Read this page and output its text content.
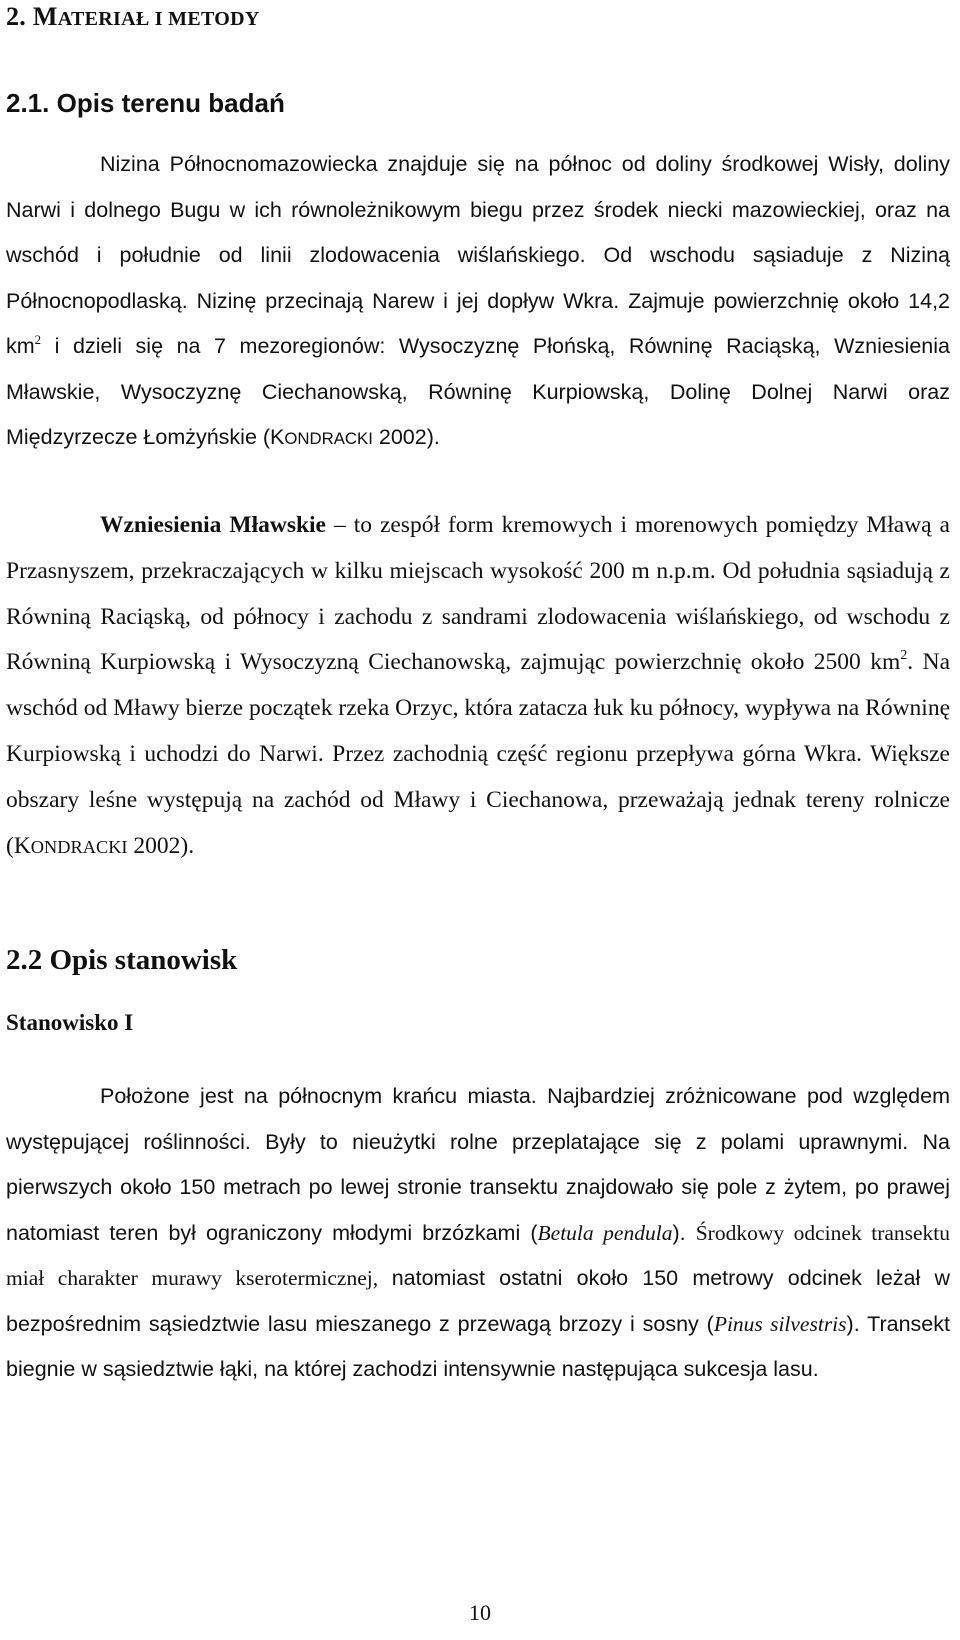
2. MATERIAŁ I METODY
2.1. Opis terenu badań

Nizina Północnomazowiecka znajduje się na północ od doliny środkowej Wisły, doliny Narwi i dolnego Bugu w ich równoleżnikowym biegu przez środek niecki mazowieckiej, oraz na wschód i południe od linii zlodowacenia wiślańskiego. Od wschodu sąsiaduje z Niziną Północnopodlaską. Nizinę przecinają Narew i jej dopływ Wkra. Zajmuje powierzchnię około 14,2 $km^2$ i dzieli się na 7 mezoregionów: Wysoczyznę Płońską, Równinę Raciąską, Wzniesienia Mławskie, Wysoczyznę Ciechanowską, Równinę Kurpiowską, Dolinę Dolnej Narwi oraz Międzyrzecze Łomżyńskie (KONDRACKI 2002).

Wzniesienia Mławskie – to zespół form kremowych i morenowych pomiędzy Mławą a Przasnyszem, przekraczających w kilku miejscach wysokość 200 m n.p.m. Od południa sąsiadują z Równiną Raciąską, od północy i zachodu z sandrami zlodowacenia wiślańskiego, od wschodu z Równiną Kurpiowską i Wysoczyzną Ciechanowską, zajmując powierzchnię około 2500 $km^2$. Na wschód od Mławy bierze początek rzeka Orzyc, która zatacza łuk ku północy, wypływa na Równinę Kurpiowską i uchodzi do Narwi. Przez zachodnią część regionu przepływa górna Wkra. Większe obszary leśne występują na zachód od Mławy i Ciechanowa, przeważają jednak tereny rolnicze (KONDRACKI 2002).

2.2 Opis stanowisk
Stanowisko I

Położone jest na północnym krańcu miasta. Najbardziej zróżnicowane pod względem występującej roślinności. Były to nieużytki rolne przeplatające się z polami uprawnymi. Na pierwszych około 150 metrach po lewej stronie transektu znajdowało się pole z żytem, po prawej natomiast teren był ograniczony młodymi brzózkami (Betula pendula). Środkowy odcinek transektu miał charakter murawy kserotermicznej, natomiast ostatni około 150 metrowy odcinek leżał w bezpośrednim sąsiedztwie lasu mieszanego z przewagą brzozy i sosny (Pinus silvestris). Transekt biegnie w sąsiedztwie łąki, na której zachodzi intensywnie następująca sukcesja lasu.

10
